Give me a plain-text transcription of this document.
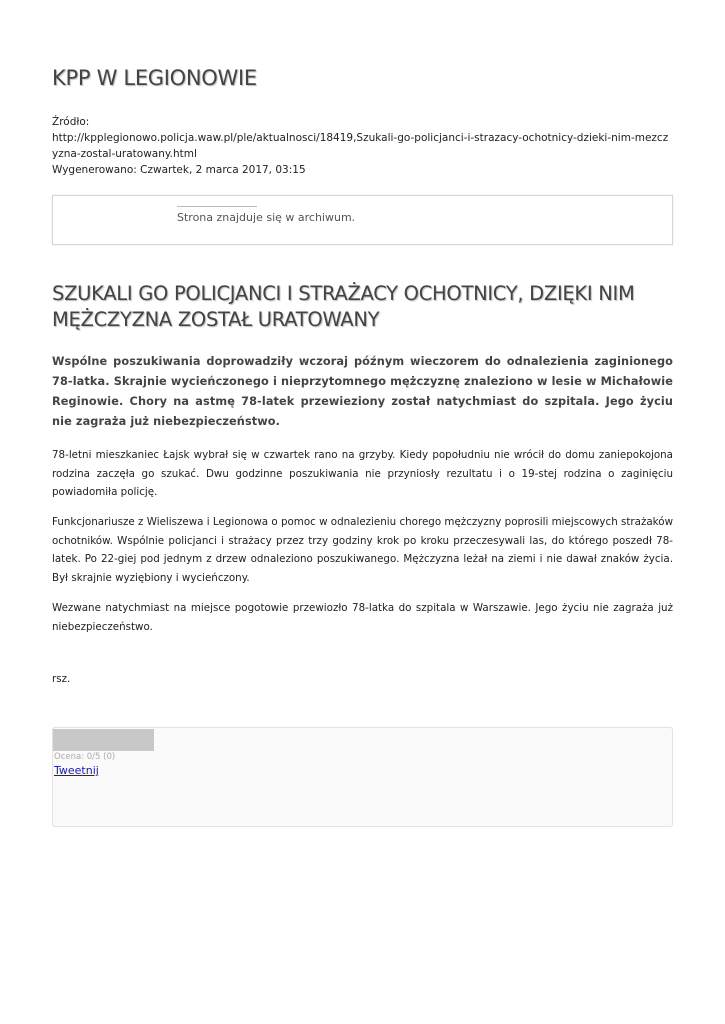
KPP W LEGIONOWIE
Źródło:
http://kpplegionowo.policja.waw.pl/ple/aktualnosci/18419,Szukali-go-policjanci-i-strazacy-ochotnicy-dzieki-nim-mezczyzna-zostal-uratowany.html
Wygenerowano: Czwartek, 2 marca 2017, 03:15
Strona znajduje się w archiwum.
SZUKALI GO POLICJANCI I STRAŻACY OCHOTNICY, DZIĘKI NIM MĘŻCZYZNA ZOSTAŁ URATOWANY

Wspólne poszukiwania doprowadziły wczoraj późnym wieczorem do odnalezienia zaginionego 78-latka. Skrajnie wycieńczonego i nieprzytomnego mężczyznę znaleziono w lesie w Michałowie Reginowie. Chory na astmę 78-latek przewieziony został natychmiast do szpitala. Jego życiu nie zagraża już niebezpieczeństwo.

78-letni mieszkaniec Łajsk wybrał się w czwartek rano na grzyby. Kiedy popołudniu nie wrócił do domu zaniepokojona rodzina zaczęła go szukać. Dwu godzinne poszukiwania nie przyniosły rezultatu i o 19-stej rodzina o zaginięciu powiadomiła policję.

Funkcjonariusze z Wieliszewa i Legionowa o pomoc w odnalezieniu chorego mężczyzny poprosili miejscowych strażaków ochotników. Wspólnie policjanci i strażacy przez trzy godziny krok po kroku przeczesywali las, do którego poszedł 78-latek. Po 22-giej pod jednym z drzew odnaleziono poszukiwanego. Mężczyzna leżał na ziemi i nie dawał znaków życia. Był skrajnie wyziębiony i wycieńczony.

Wezwane natychmiast na miejsce pogotowie przewiozło 78-latka do szpitala w Warszawie. Jego życiu nie zagraża już niebezpieczeństwo.

rsz.

Ocena: 0/5 (0)
Tweetnij
